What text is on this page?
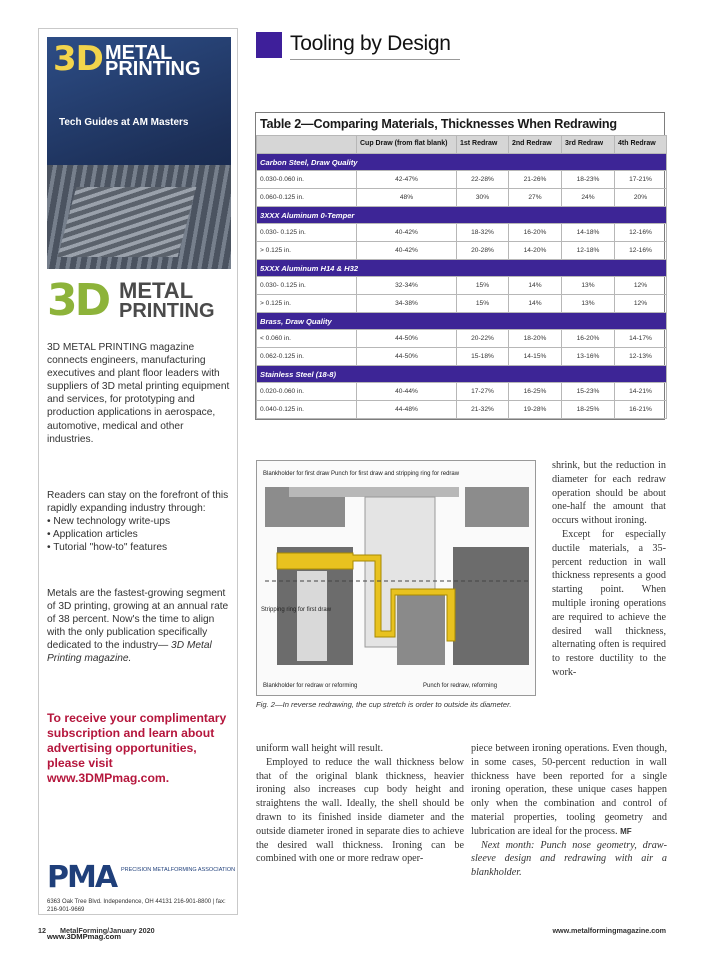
3D METAL
PRINTING
Tech Guides at AM Masters
3D METAL
PRINTING
3D METAL PRINTING magazine connects engineers, manufacturing executives and plant floor leaders with suppliers of 3D metal printing equipment and services, for prototyping and production applications in aerospace, automotive, medical and other industries.
Readers can stay on the forefront of this rapidly expanding industry through:
• New technology write-ups
• Application articles
• Tutorial "how-to" features
Metals are the fastest-growing segment of 3D printing, growing at an annual rate of 38 percent. Now's the time to align with the only publication specifically dedicated to the industry— 3D Metal Printing magazine.
To receive your complimentary subscription and learn about advertising opportunities, please visit www.3DMPmag.com.
PMA PRECISION METALFORMING ASSOCIATION
6363 Oak Tree Blvd. Independence, OH 44131 216-901-8800 | fax: 216-901-9669
www.3DMPmag.com
Tooling by Design
Table 2—Comparing Materials, Thicknesses When Redrawing
	Cup Draw (from flat blank)	1st Redraw	2nd Redraw	3rd Redraw	4th Redraw
Carbon Steel, Draw Quality					
0.030-0.060 in.	42-47%	22-28%	21-26%	18-23%	17-21%
0.060-0.125 in.	48%	30%	27%	24%	20%
3XXX Aluminum 0-Temper					
0.030- 0.125 in.	40-42%	18-32%	16-20%	14-18%	12-16%
> 0.125 in.	40-42%	20-28%	14-20%	12-18%	12-16%
5XXX Aluminum H14 & H32					
0.030- 0.125 in.	32-34%	15%	14%	13%	12%
> 0.125 in.	34-38%	15%	14%	13%	12%
Brass, Draw Quality					
< 0.060 in.	44-50%	20-22%	18-20%	16-20%	14-17%
0.062-0.125 in.	44-50%	15-18%	14-15%	13-16%	12-13%
Stainless Steel (18-8)					
0.020-0.060 in.	40-44%	17-27%	16-25%	15-23%	14-21%
0.040-0.125 in.	44-48%	21-32%	19-28%	18-25%	16-21%
Blankholder for first draw Punch for first draw and stripping ring for redraw
Stripping ring for first draw
Blankholder for redraw or reforming	Punch for redraw, reforming
Fig. 2—In reverse redrawing, the cup stretch is order to outside its diameter.

shrink, but the reduction in diameter for each redraw operation should be about one-half the amount that occurs without ironing.

Except for especially ductile materials, a 35-percent reduction in wall thickness represents a good starting point. When multiple ironing operations are required to achieve the desired wall thickness, alternating often is required to restore ductility to the work-

uniform wall height will result.

Employed to reduce the wall thickness below that of the original blank thickness, heavier ironing also increases cup body height and straightens the wall. Ideally, the shell should be drawn to its finished inside diameter and the outside diameter ironed in separate dies to achieve the desired wall thickness. Ironing can be combined with one or more redraw oper-

piece between ironing operations. Even though, in some cases, 50-percent reduction in wall thickness have been reported for a single ironing operation, these unique cases happen only when the combination and control of material properties, tooling geometry and lubrication are ideal for the process. MF

Next month: Punch nose geometry, draw-sleeve design and redrawing with air a blankholder.

12 MetalForming/January 2020	www.metalformingmagazine.com
